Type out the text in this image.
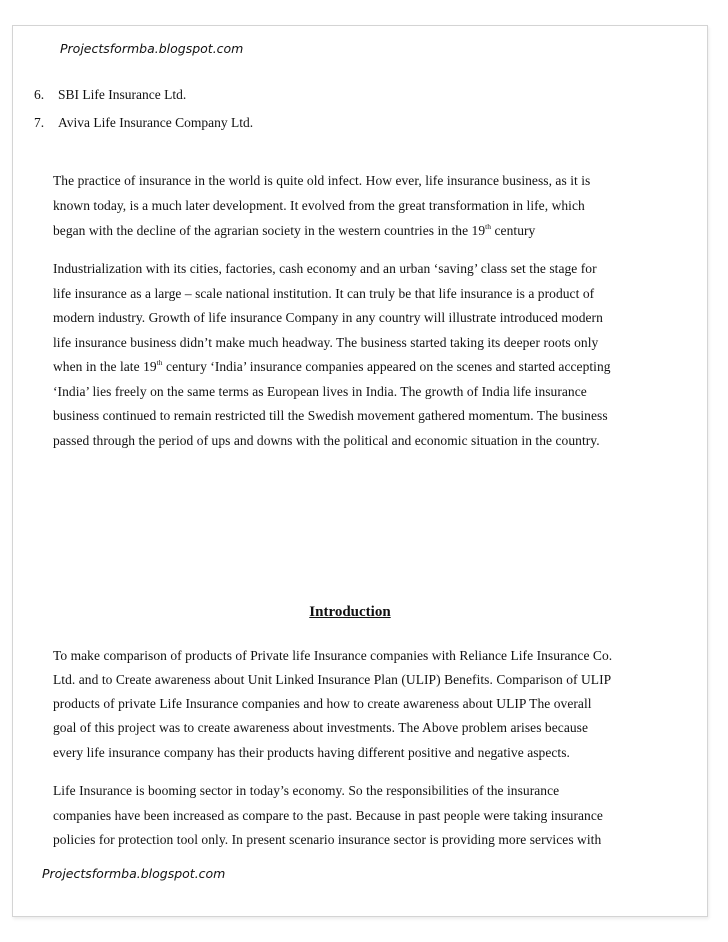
Projectsformba.blogspot.com
6. SBI Life Insurance Ltd.
7. Aviva Life Insurance Company Ltd.
The practice of insurance in the world is quite old infect. How ever, life insurance business, as it is
known today, is a much later development. It evolved from the great transformation in life, which
began with the decline of the agrarian society in the western countries in the 19th century
Industrialization with its cities, factories, cash economy and an urban ‘saving’ class set the stage for
life insurance as a large – scale national institution. It can truly be that life insurance is a product of
modern industry. Growth of life insurance Company in any country will illustrate introduced modern
life insurance business didn’t make much headway. The business started taking its deeper roots only
when in the late 19th century ‘India’ insurance companies appeared on the scenes and started accepting
‘India’ lies freely on the same terms as European lives in India. The growth of India life insurance
business continued to remain restricted till the Swedish movement gathered momentum. The business
passed through the period of ups and downs with the political and economic situation in the country.
Introduction
To make comparison of products of Private life Insurance companies with Reliance Life Insurance Co.
Ltd. and to Create awareness about Unit Linked Insurance Plan (ULIP) Benefits. Comparison of ULIP
products of private Life Insurance companies and how to create awareness about ULIP The overall
goal of this project was to create awareness about investments. The Above problem arises because
every life insurance company has their products having different positive and negative aspects.
Life Insurance is booming sector in today’s economy. So the responsibilities of the insurance
companies have been increased as compare to the past. Because in past people were taking insurance
policies for protection tool only. In present scenario insurance sector is providing more services with
Projectsformba.blogspot.com
